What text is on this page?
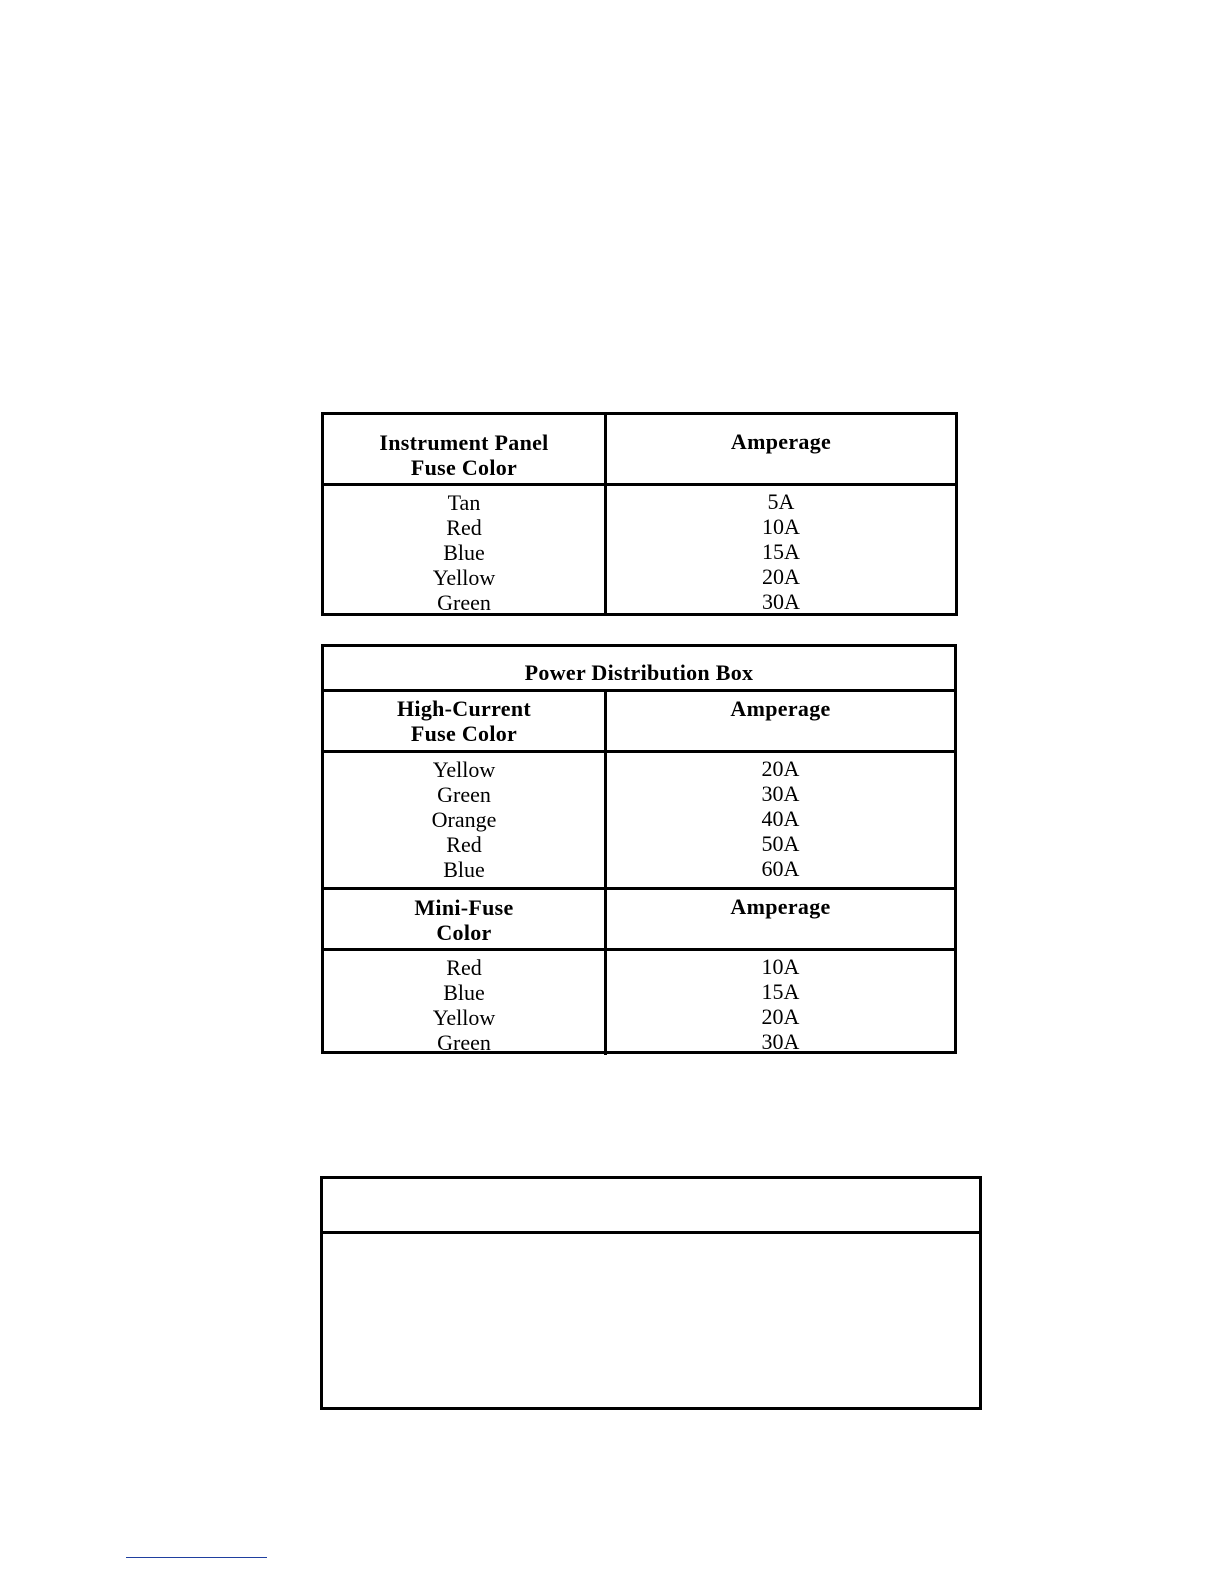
Instrument Panel
Fuse Color
Amperage
Tan
Red
Blue
Yellow
Green
5A
10A
15A
20A
30A
Power Distribution Box
High-Current
Fuse Color
Amperage
Yellow
Green
Orange
Red
Blue
20A
30A
40A
50A
60A
Mini-Fuse
Color
Amperage
Red
Blue
Yellow
Green
10A
15A
20A
30A
